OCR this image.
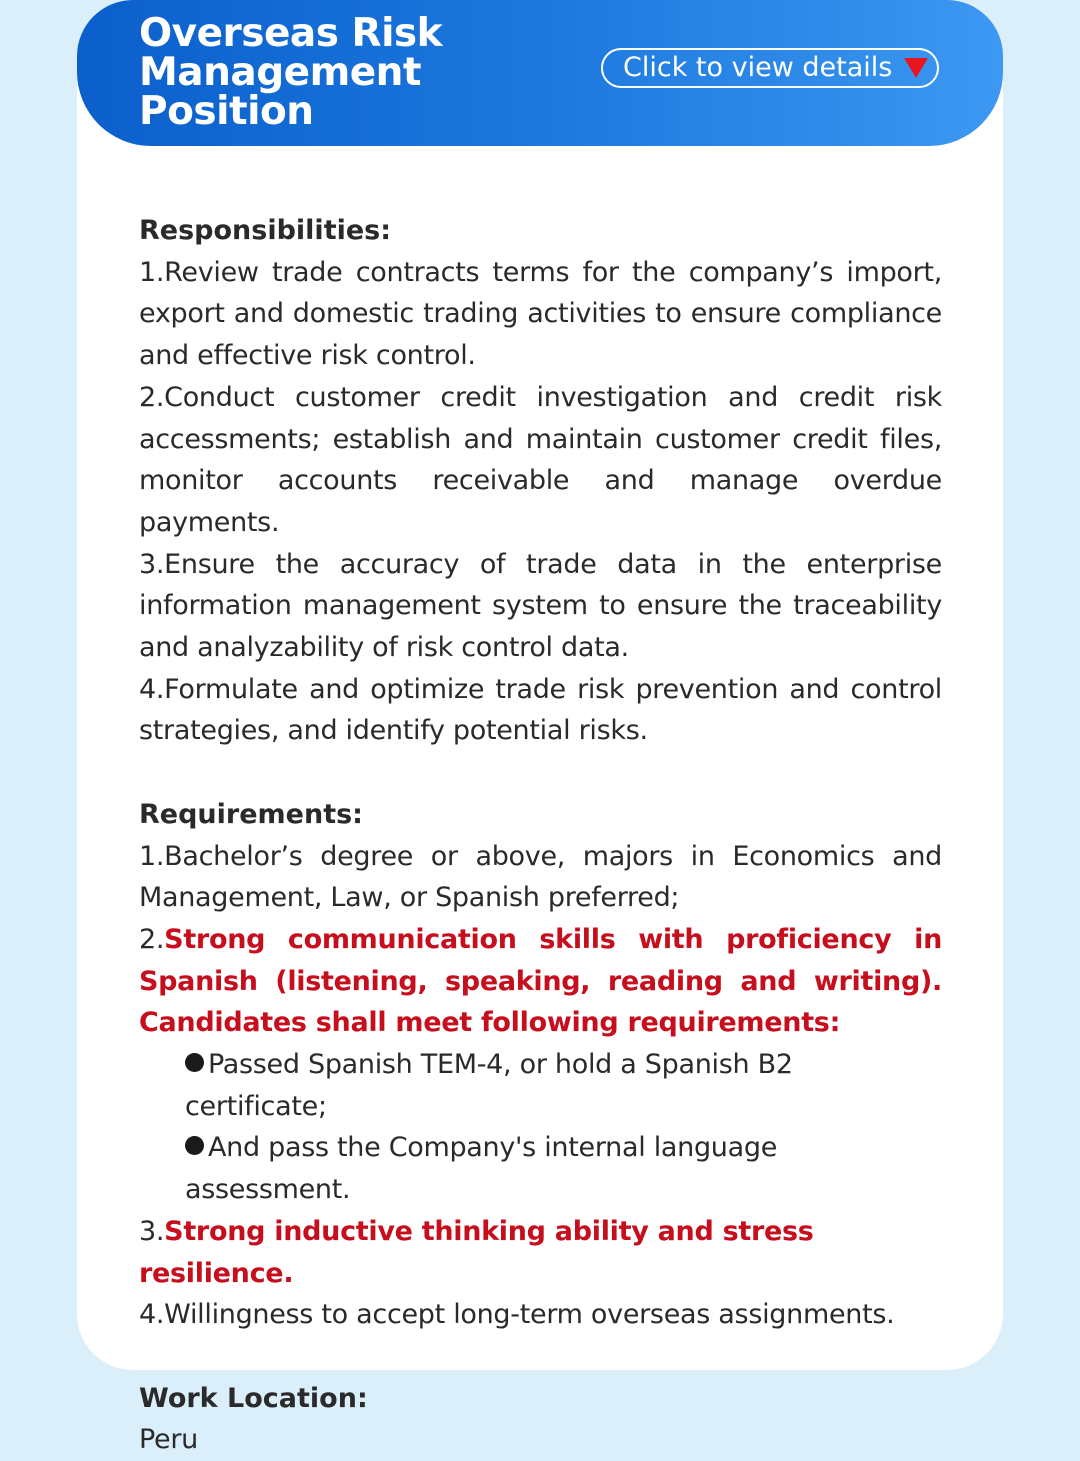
Overseas Risk Management Position
Click to view details

Responsibilities:

1.Review trade contracts terms for the company’s import, export and domestic trading activities to ensure compliance and effective risk control.

2.Conduct customer credit investigation and credit risk accessments; establish and maintain customer credit files, monitor accounts receivable and manage overdue payments.

3.Ensure the accuracy of trade data in the enterprise information management system to ensure the traceability and analyzability of risk control data.

4.Formulate and optimize trade risk prevention and control strategies, and identify potential risks.

Requirements:

1.Bachelor’s degree or above, majors in Economics and Management, Law, or Spanish preferred;

2.Strong communication skills with proficiency in Spanish (listening, speaking, reading and writing). Candidates shall meet following requirements:

Passed Spanish TEM-4, or hold a Spanish B2 certificate;

And pass the Company's internal language assessment.

3.Strong inductive thinking ability and stress resilience.

4.Willingness to accept long-term overseas assignments.

Work Location:

Peru
